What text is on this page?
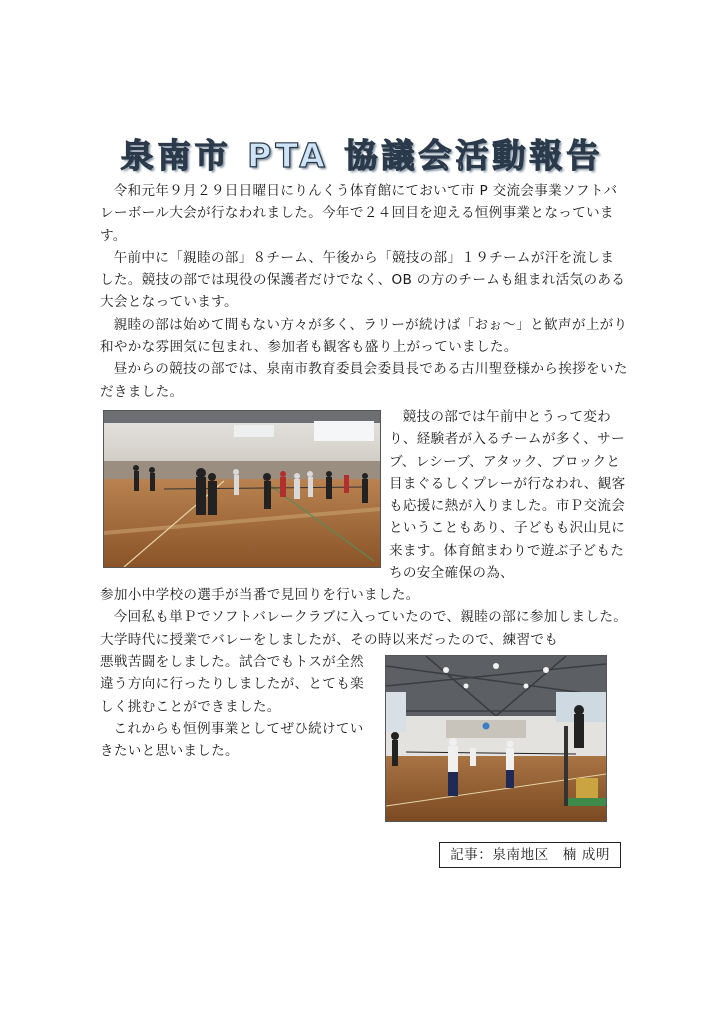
泉南市 PTA 協議会活動報告

令和元年９月２９日日曜日にりんくう体育館にておいて市 P 交流会事業ソフトバレーボール大会が行なわれました。今年で２４回目を迎える恒例事業となっています。

午前中に「親睦の部」８チーム、午後から「競技の部」１９チームが汗を流しました。競技の部では現役の保護者だけでなく、OB の方のチームも組まれ活気のある大会となっています。

親睦の部は始めて間もない方々が多く、ラリーが続けば「おぉ～」と歓声が上がり和やかな雰囲気に包まれ、参加者も観客も盛り上がっていました。

昼からの競技の部では、泉南市教育委員会委員長である古川聖登様から挨拶をいただきました。

競技の部では午前中とうって変わり、経験者が入るチームが多く、サーブ、レシーブ、アタック、ブロックと目まぐるしくプレーが行なわれ、観客も応援に熱が入りました。市Ｐ交流会ということもあり、子どもも沢山見に来ます。体育館まわりで遊ぶ子どもたちの安全確保の為、

参加小中学校の選手が当番で見回りを行いました。

今回私も単Ｐでソフトバレークラブに入っていたので、親睦の部に参加しました。大学時代に授業でバレーをしましたが、その時以来だったので、練習でも

悪戦苦闘をしました。試合でもトスが全然違う方向に行ったりしましたが、とても楽しく挑むことができました。

これからも恒例事業としてぜひ続けていきたいと思いました。

記事：泉南地区　楠 成明
